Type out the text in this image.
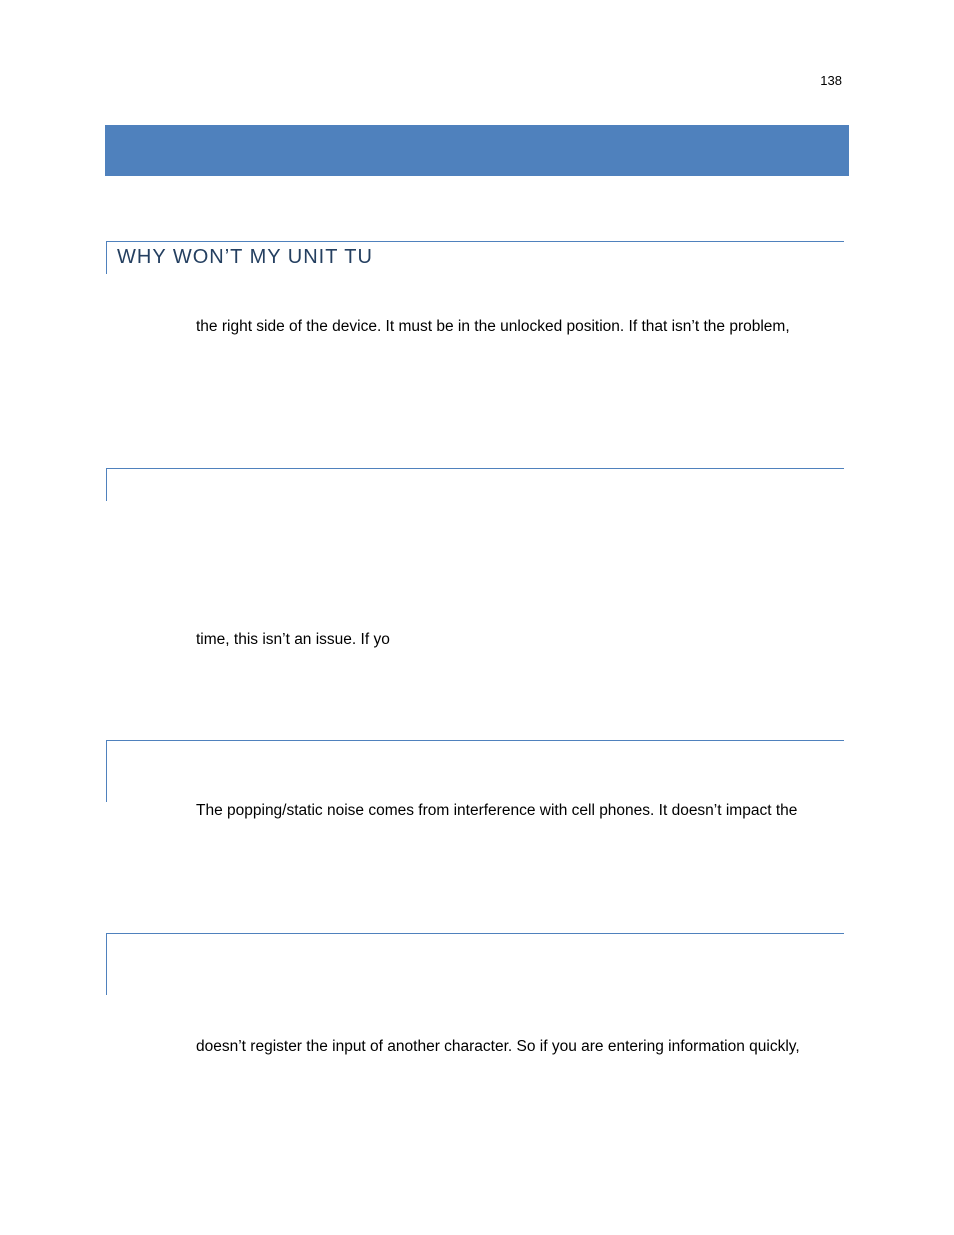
138
WHY WON’T MY UNIT TU
the right side of the device. It must be in the unlocked position. If that isn’t the problem,
time, this isn’t an issue. If yo
The popping/static noise comes from interference with cell phones. It doesn’t impact the
doesn’t register the input of another character. So if you are entering information quickly,
